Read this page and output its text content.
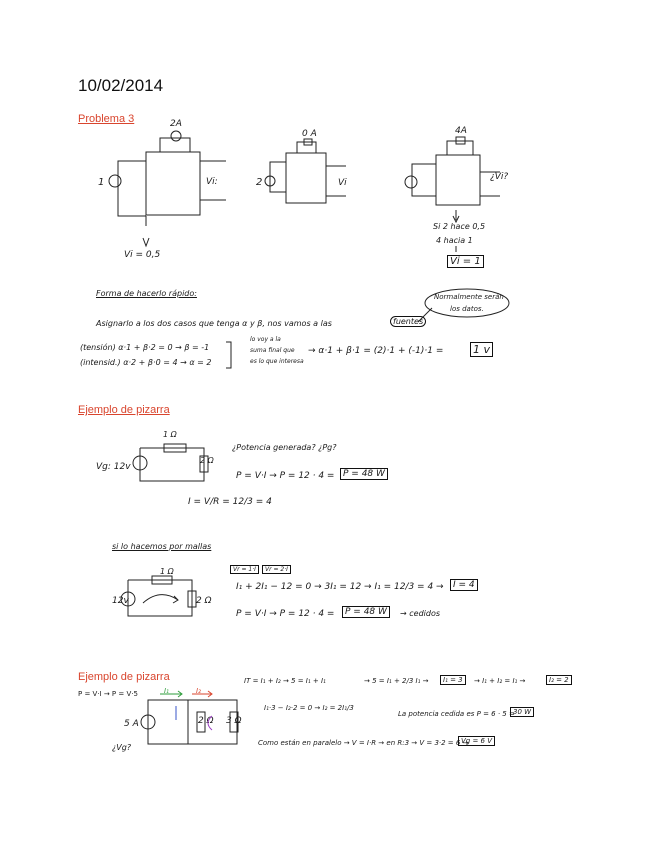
10/02/2014
Problema 3	2A
1	Vi:
Vi = 0,5
0 A
2	Vi
4A
¿Vi?
Si 2 hace 0,5
4 hacia 1
Vi = 1
Forma de hacerlo rápido:	Normalmente serán
los datos.
Asignarlo a los dos casos que tenga α y β, nos vamos a las	fuentes
(tensión) α·1 + β·2 = 0 → β = -1
(intensid.) α·2 + β·0 = 4 → α = 2
lo voy a la
suma final que
es lo que interesa
→ α·1 + β·1 = (2)·1 + (-1)·1 =	1 v
Ejemplo de pizarra
1 Ω
2 Ω
Vg: 12v
¿Potencia generada? ¿Pg?
P = V·I → P = 12 · 4 = P = 48 W
I = V/R = 12/3 = 4
si lo hacemos por mallas
1 Ω
12v	2 Ω
Vr = 1·I	Vr = 2·I
I₁ + 2I₁ − 12 = 0 → 3I₁ = 12 → I₁ = 12/3 = 4 →	I = 4
P = V·I → P = 12 · 4 =	P = 48 W	→ cedidos
Ejemplo de pizarra
P = V·I → P = V·5
5 A
I₁	I₂
2 Ω 3 Ω
¿Vg?
IT = I₁ + I₂ → 5 = I₁ + I₁	→ 5 = I₁ + 2/3 I₁ →	I₁ = 3	→ I₁ + I₂ = I₁ →	I₂ = 2
I₁·3 − I₂·2 = 0 → I₂ = 2I₁/3
La potencia cedida es P = 6 · 5 =
30 W
Como están en paralelo → V = I·R → en R:3 → V = 3·2 = 6 →
Vg = 6 V
